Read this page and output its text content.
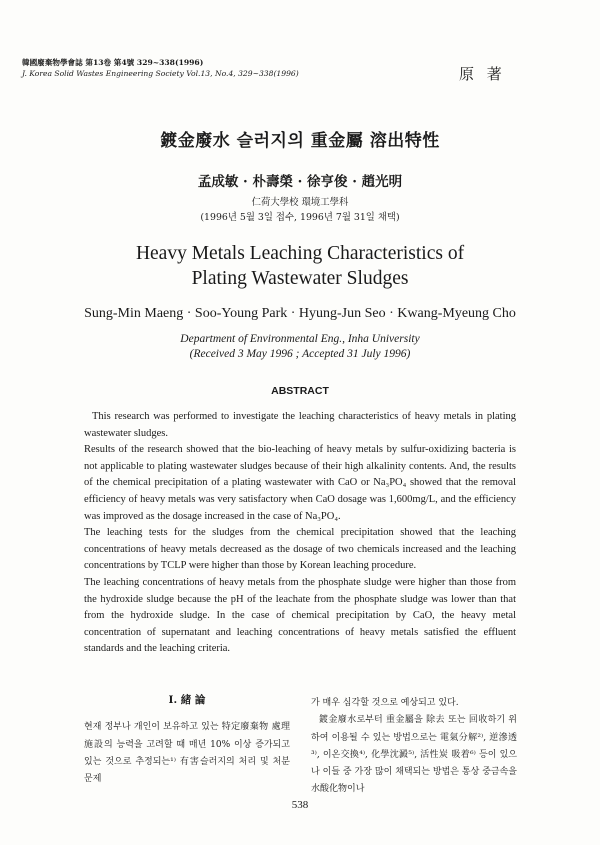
韓國廢棄物學會誌 第13卷 第4號 329~338(1996)
J. Korea Solid Wastes Engineering Society Vol.13, No.4, 329~338(1996)	原 著
鍍金廢水 슬러지의 重金屬 溶出特性
孟成敏 · 朴壽榮 · 徐亨俊 · 趙光明
仁荷大學校 環境工學科
(1996년 5월 3일 접수, 1996년 7월 31일 채택)
Heavy Metals Leaching Characteristics of
Plating Wastewater Sludges
Sung-Min Maeng · Soo-Young Park · Hyung-Jun Seo · Kwang-Myeung Cho
Department of Environmental Eng., Inha University
(Received 3 May 1996 ; Accepted 31 July 1996)
ABSTRACT

This research was performed to investigate the leaching characteristics of heavy metals in plating wastewater sludges.

Results of the research showed that the bio-leaching of heavy metals by sulfur-oxidizing bacteria is not applicable to plating wastewater sludges because of their high alkalinity contents. And, the results of the chemical precipitation of a plating wastewater with CaO or Na₃PO₄ showed that the removal efficiency of heavy metals was very satisfactory when CaO dosage was 1,600mg/L, and the efficiency was improved as the dosage increased in the case of Na₃PO₄.

The leaching tests for the sludges from the chemical precipitation showed that the leaching concentrations of heavy metals decreased as the dosage of two chemicals increased and the leaching concentrations by TCLP were higher than those by Korean leaching procedure.

The leaching concentrations of heavy metals from the phosphate sludge were higher than those from the hydroxide sludge because the pH of the leachate from the phosphate sludge was lower than that from the hydroxide sludge. In the case of chemical precipitation by CaO, the heavy metal concentration of supernatant and leaching concentrations of heavy metals satisfied the effluent standards and the leaching criteria.

I. 緒 論

현재 정부나 개인이 보유하고 있는 特定廢棄物 處理施設의 능력을 고려할 때 매년 10% 이상 증가되고 있는 것으로 추정되는¹⁾ 有害슬러지의 처리 및 처분 문제

가 매우 심각할 것으로 예상되고 있다.

鍍金廢水로부터 重金屬을 除去 또는 回收하기 위하여 이용될 수 있는 방법으로는 電氣分解²⁾, 逆滲透³⁾, 이온交換⁴⁾, 化學沈澱⁵⁾, 活性炭 吸着⁶⁾ 등이 있으나 이들 중 가장 많이 채택되는 방법은 통상 중금속을 水酸化物이나

538
